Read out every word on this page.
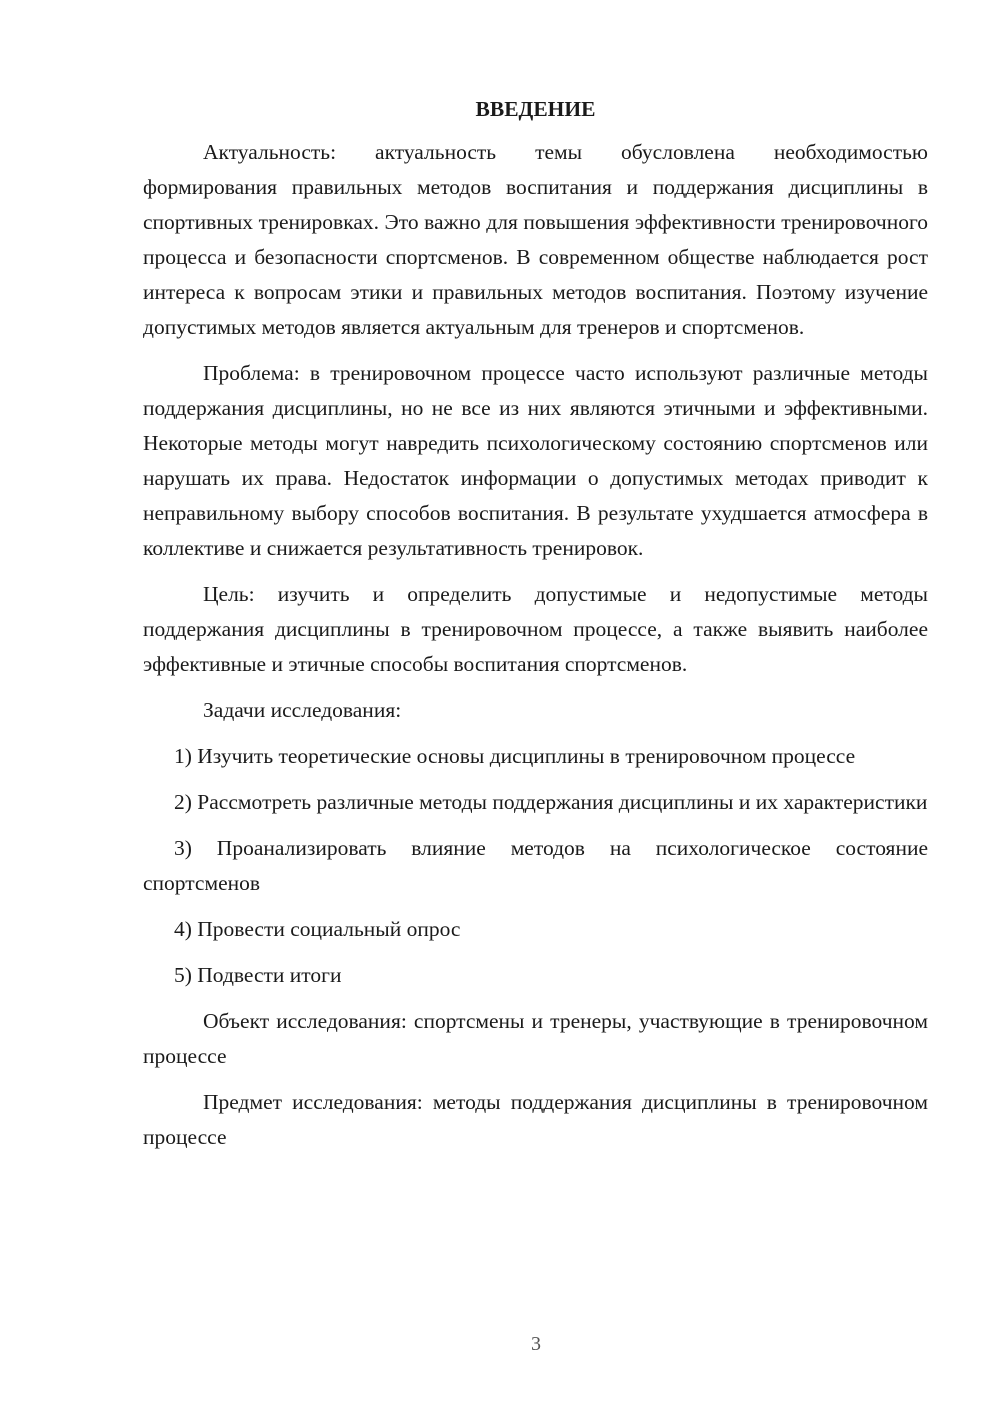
ВВЕДЕНИЕ

Актуальность: актуальность темы обусловлена необходимостью формирования правильных методов воспитания и поддержания дисциплины в спортивных тренировках. Это важно для повышения эффективности тренировочного процесса и безопасности спортсменов. В современном обществе наблюдается рост интереса к вопросам этики и правильных методов воспитания. Поэтому изучение допустимых методов является актуальным для тренеров и спортсменов.

Проблема: в тренировочном процессе часто используют различные методы поддержания дисциплины, но не все из них являются этичными и эффективными. Некоторые методы могут навредить психологическому состоянию спортсменов или нарушать их права. Недостаток информации о допустимых методах приводит к неправильному выбору способов воспитания. В результате ухудшается атмосфера в коллективе и снижается результативность тренировок.

Цель: изучить и определить допустимые и недопустимые методы поддержания дисциплины в тренировочном процессе, а также выявить наиболее эффективные и этичные способы воспитания спортсменов.

Задачи исследования:

1) Изучить теоретические основы дисциплины в тренировочном процессе

2) Рассмотреть различные методы поддержания дисциплины и их характеристики

3) Проанализировать влияние методов на психологическое состояние спортсменов

4) Провести социальный опрос

5) Подвести итоги

Объект исследования: спортсмены и тренеры, участвующие в тренировочном процессе

Предмет исследования: методы поддержания дисциплины в тренировочном процессе

3
